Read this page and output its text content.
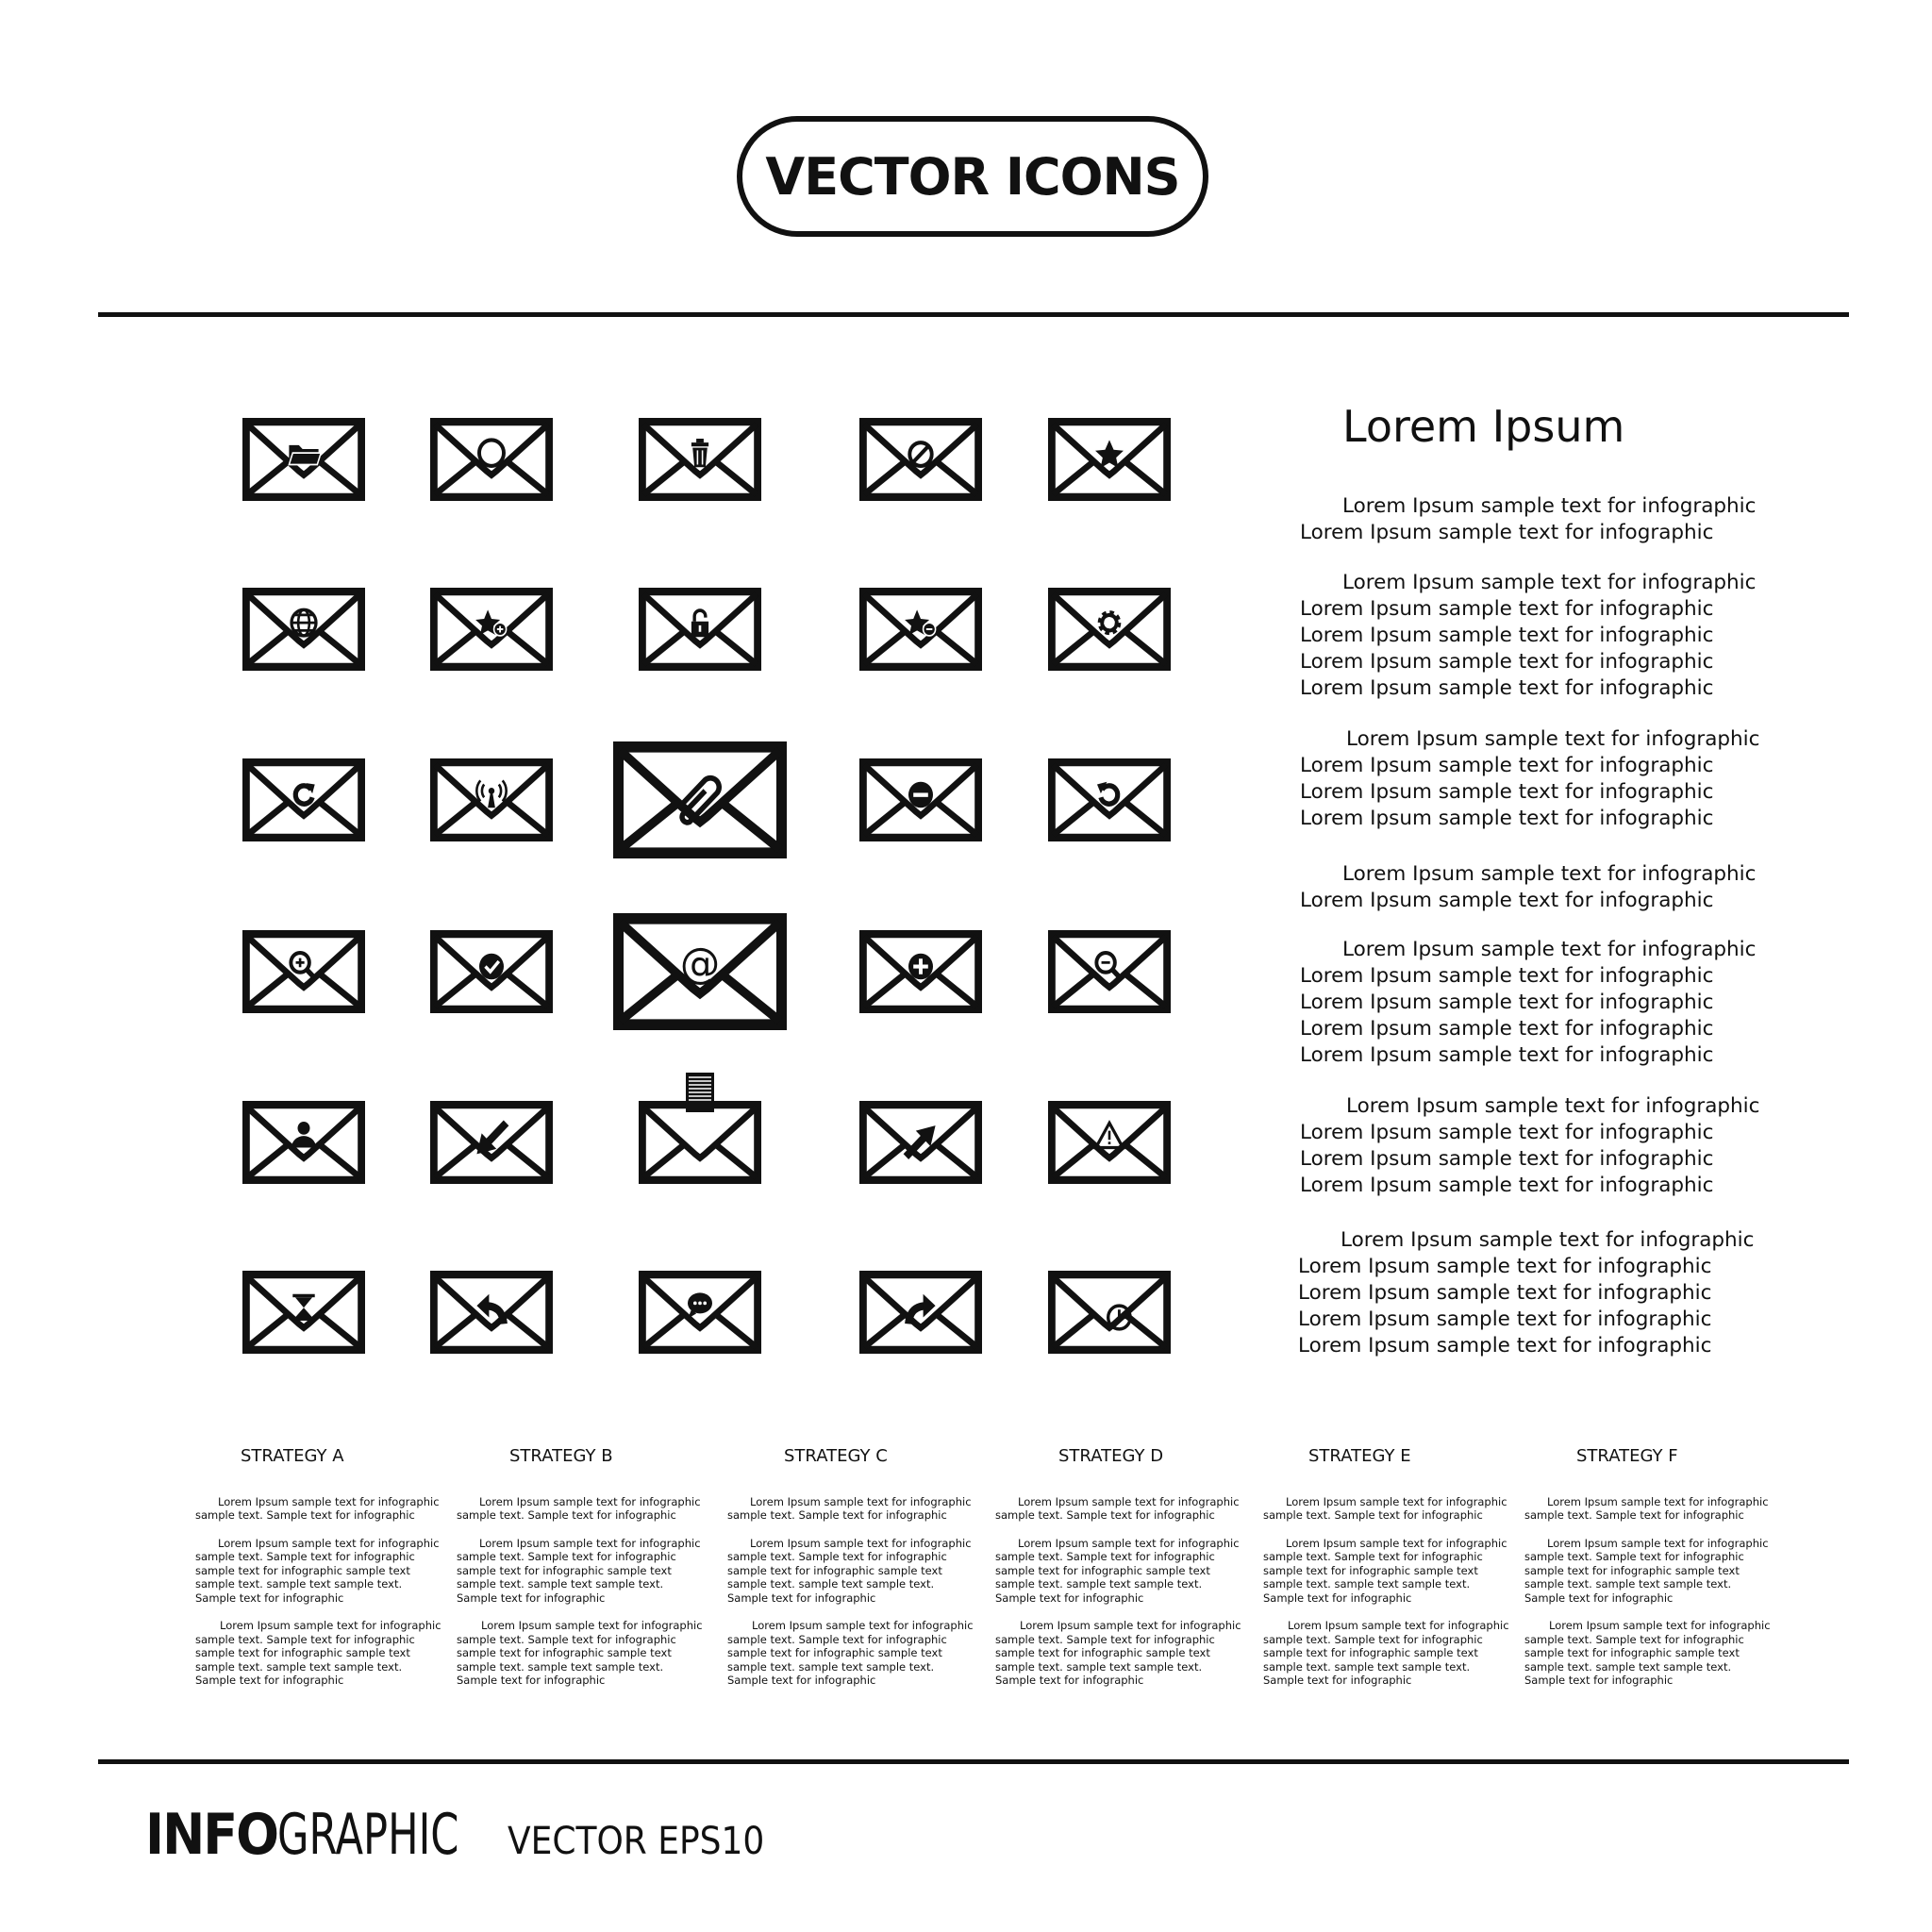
VECTOR ICONS
@
Lorem Ipsum
Lorem Ipsum sample text for infographic
Lorem Ipsum sample text for infographic
Lorem Ipsum sample text for infographic
Lorem Ipsum sample text for infographic
Lorem Ipsum sample text for infographic
Lorem Ipsum sample text for infographic
Lorem Ipsum sample text for infographic
Lorem Ipsum sample text for infographic
Lorem Ipsum sample text for infographic
Lorem Ipsum sample text for infographic
Lorem Ipsum sample text for infographic
Lorem Ipsum sample text for infographic
Lorem Ipsum sample text for infographic
Lorem Ipsum sample text for infographic
Lorem Ipsum sample text for infographic
Lorem Ipsum sample text for infographic
Lorem Ipsum sample text for infographic
Lorem Ipsum sample text for infographic
Lorem Ipsum sample text for infographic
Lorem Ipsum sample text for infographic
Lorem Ipsum sample text for infographic
Lorem Ipsum sample text for infographic
Lorem Ipsum sample text for infographic
Lorem Ipsum sample text for infographic
Lorem Ipsum sample text for infographic
Lorem Ipsum sample text for infographic
Lorem Ipsum sample text for infographic
STRATEGY A
Lorem Ipsum sample text for infographic
sample text. Sample text for infographic
Lorem Ipsum sample text for infographic
sample text. Sample text for infographic
sample text for infographic sample text
sample text. sample text sample text.
Sample text for infographic
Lorem Ipsum sample text for infographic
sample text. Sample text for infographic
sample text for infographic sample text
sample text. sample text sample text.
Sample text for infographic
STRATEGY B
Lorem Ipsum sample text for infographic
sample text. Sample text for infographic
Lorem Ipsum sample text for infographic
sample text. Sample text for infographic
sample text for infographic sample text
sample text. sample text sample text.
Sample text for infographic
Lorem Ipsum sample text for infographic
sample text. Sample text for infographic
sample text for infographic sample text
sample text. sample text sample text.
Sample text for infographic
STRATEGY C
Lorem Ipsum sample text for infographic
sample text. Sample text for infographic
Lorem Ipsum sample text for infographic
sample text. Sample text for infographic
sample text for infographic sample text
sample text. sample text sample text.
Sample text for infographic
Lorem Ipsum sample text for infographic
sample text. Sample text for infographic
sample text for infographic sample text
sample text. sample text sample text.
Sample text for infographic
STRATEGY D
Lorem Ipsum sample text for infographic
sample text. Sample text for infographic
Lorem Ipsum sample text for infographic
sample text. Sample text for infographic
sample text for infographic sample text
sample text. sample text sample text.
Sample text for infographic
Lorem Ipsum sample text for infographic
sample text. Sample text for infographic
sample text for infographic sample text
sample text. sample text sample text.
Sample text for infographic
STRATEGY E
Lorem Ipsum sample text for infographic
sample text. Sample text for infographic
Lorem Ipsum sample text for infographic
sample text. Sample text for infographic
sample text for infographic sample text
sample text. sample text sample text.
Sample text for infographic
Lorem Ipsum sample text for infographic
sample text. Sample text for infographic
sample text for infographic sample text
sample text. sample text sample text.
Sample text for infographic
STRATEGY F
Lorem Ipsum sample text for infographic
sample text. Sample text for infographic
Lorem Ipsum sample text for infographic
sample text. Sample text for infographic
sample text for infographic sample text
sample text. sample text sample text.
Sample text for infographic
Lorem Ipsum sample text for infographic
sample text. Sample text for infographic
sample text for infographic sample text
sample text. sample text sample text.
Sample text for infographic
INFO GRAPHIC VECTOR EPS10
